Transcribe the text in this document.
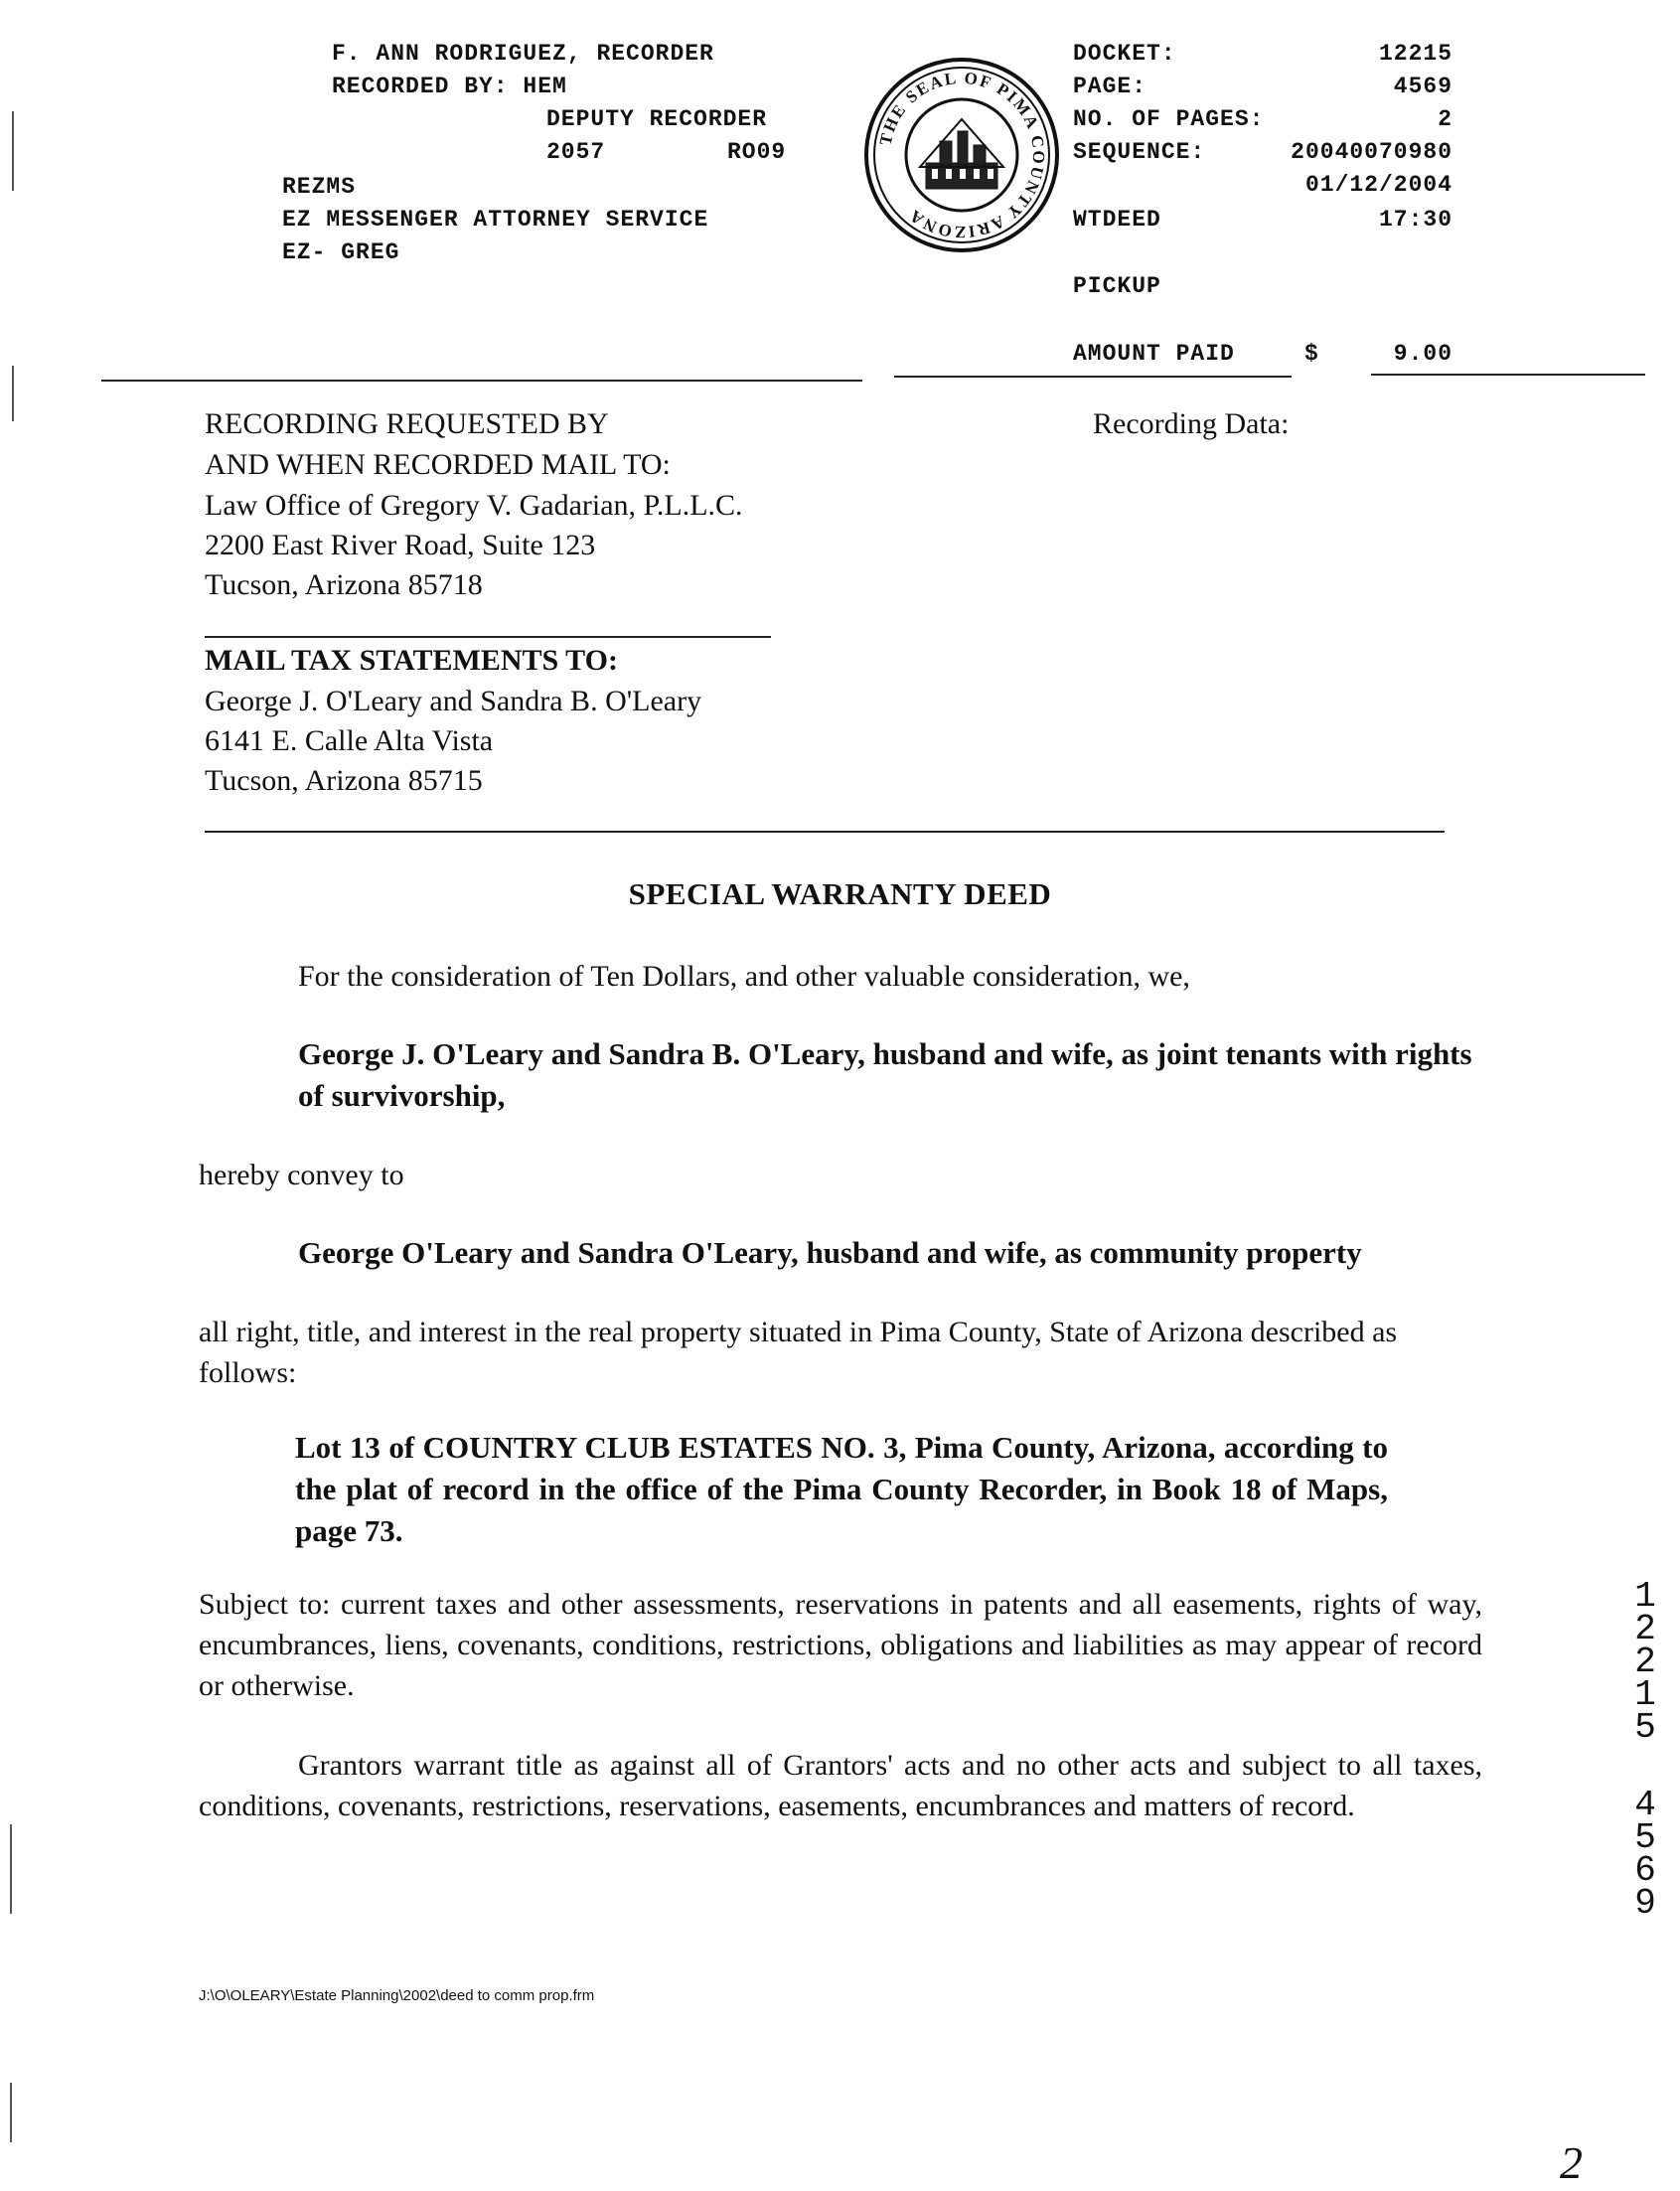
F. ANN RODRIGUEZ, RECORDER
RECORDED BY: HEM
DEPUTY RECORDER
2057	RO09
REZMS
EZ MESSENGER ATTORNEY SERVICE
EZ- GREG
THE SEAL OF PIMA COUNTY ARIZONA
DOCKET:	12215
PAGE:	4569
NO. OF PAGES:	2
SEQUENCE:	20040070980
01/12/2004
WTDEED	17:30
PICKUP
AMOUNT PAID	$	9.00
RECORDING REQUESTED BY
AND WHEN RECORDED MAIL TO:
Law Office of Gregory V. Gadarian, P.L.L.C.
2200 East River Road, Suite 123
Tucson, Arizona 85718
Recording Data:
MAIL TAX STATEMENTS TO:
George J. O'Leary and Sandra B. O'Leary
6141 E. Calle Alta Vista
Tucson, Arizona 85715
SPECIAL WARRANTY DEED
For the consideration of Ten Dollars, and other valuable consideration, we,
George J. O'Leary and Sandra B. O'Leary, husband and wife, as joint tenants with rights of survivorship,
hereby convey to
George O'Leary and Sandra O'Leary, husband and wife, as community property
all right, title, and interest in the real property situated in Pima County, State of Arizona described as follows:
Lot 13 of COUNTRY CLUB ESTATES NO. 3, Pima County, Arizona, according to the plat of record in the office of the Pima County Recorder, in Book 18 of Maps, page 73.
Subject to: current taxes and other assessments, reservations in patents and all easements, rights of way, encumbrances, liens, covenants, conditions, restrictions, obligations and liabilities as may appear of record or otherwise.
Grantors warrant title as against all of Grantors' acts and no other acts and subject to all taxes, conditions, covenants, restrictions, reservations, easements, encumbrances and matters of record.
J:\O\OLEARY\Estate Planning\2002\deed to comm prop.frm
1
2
2
1
5
4
5
6
9
2
